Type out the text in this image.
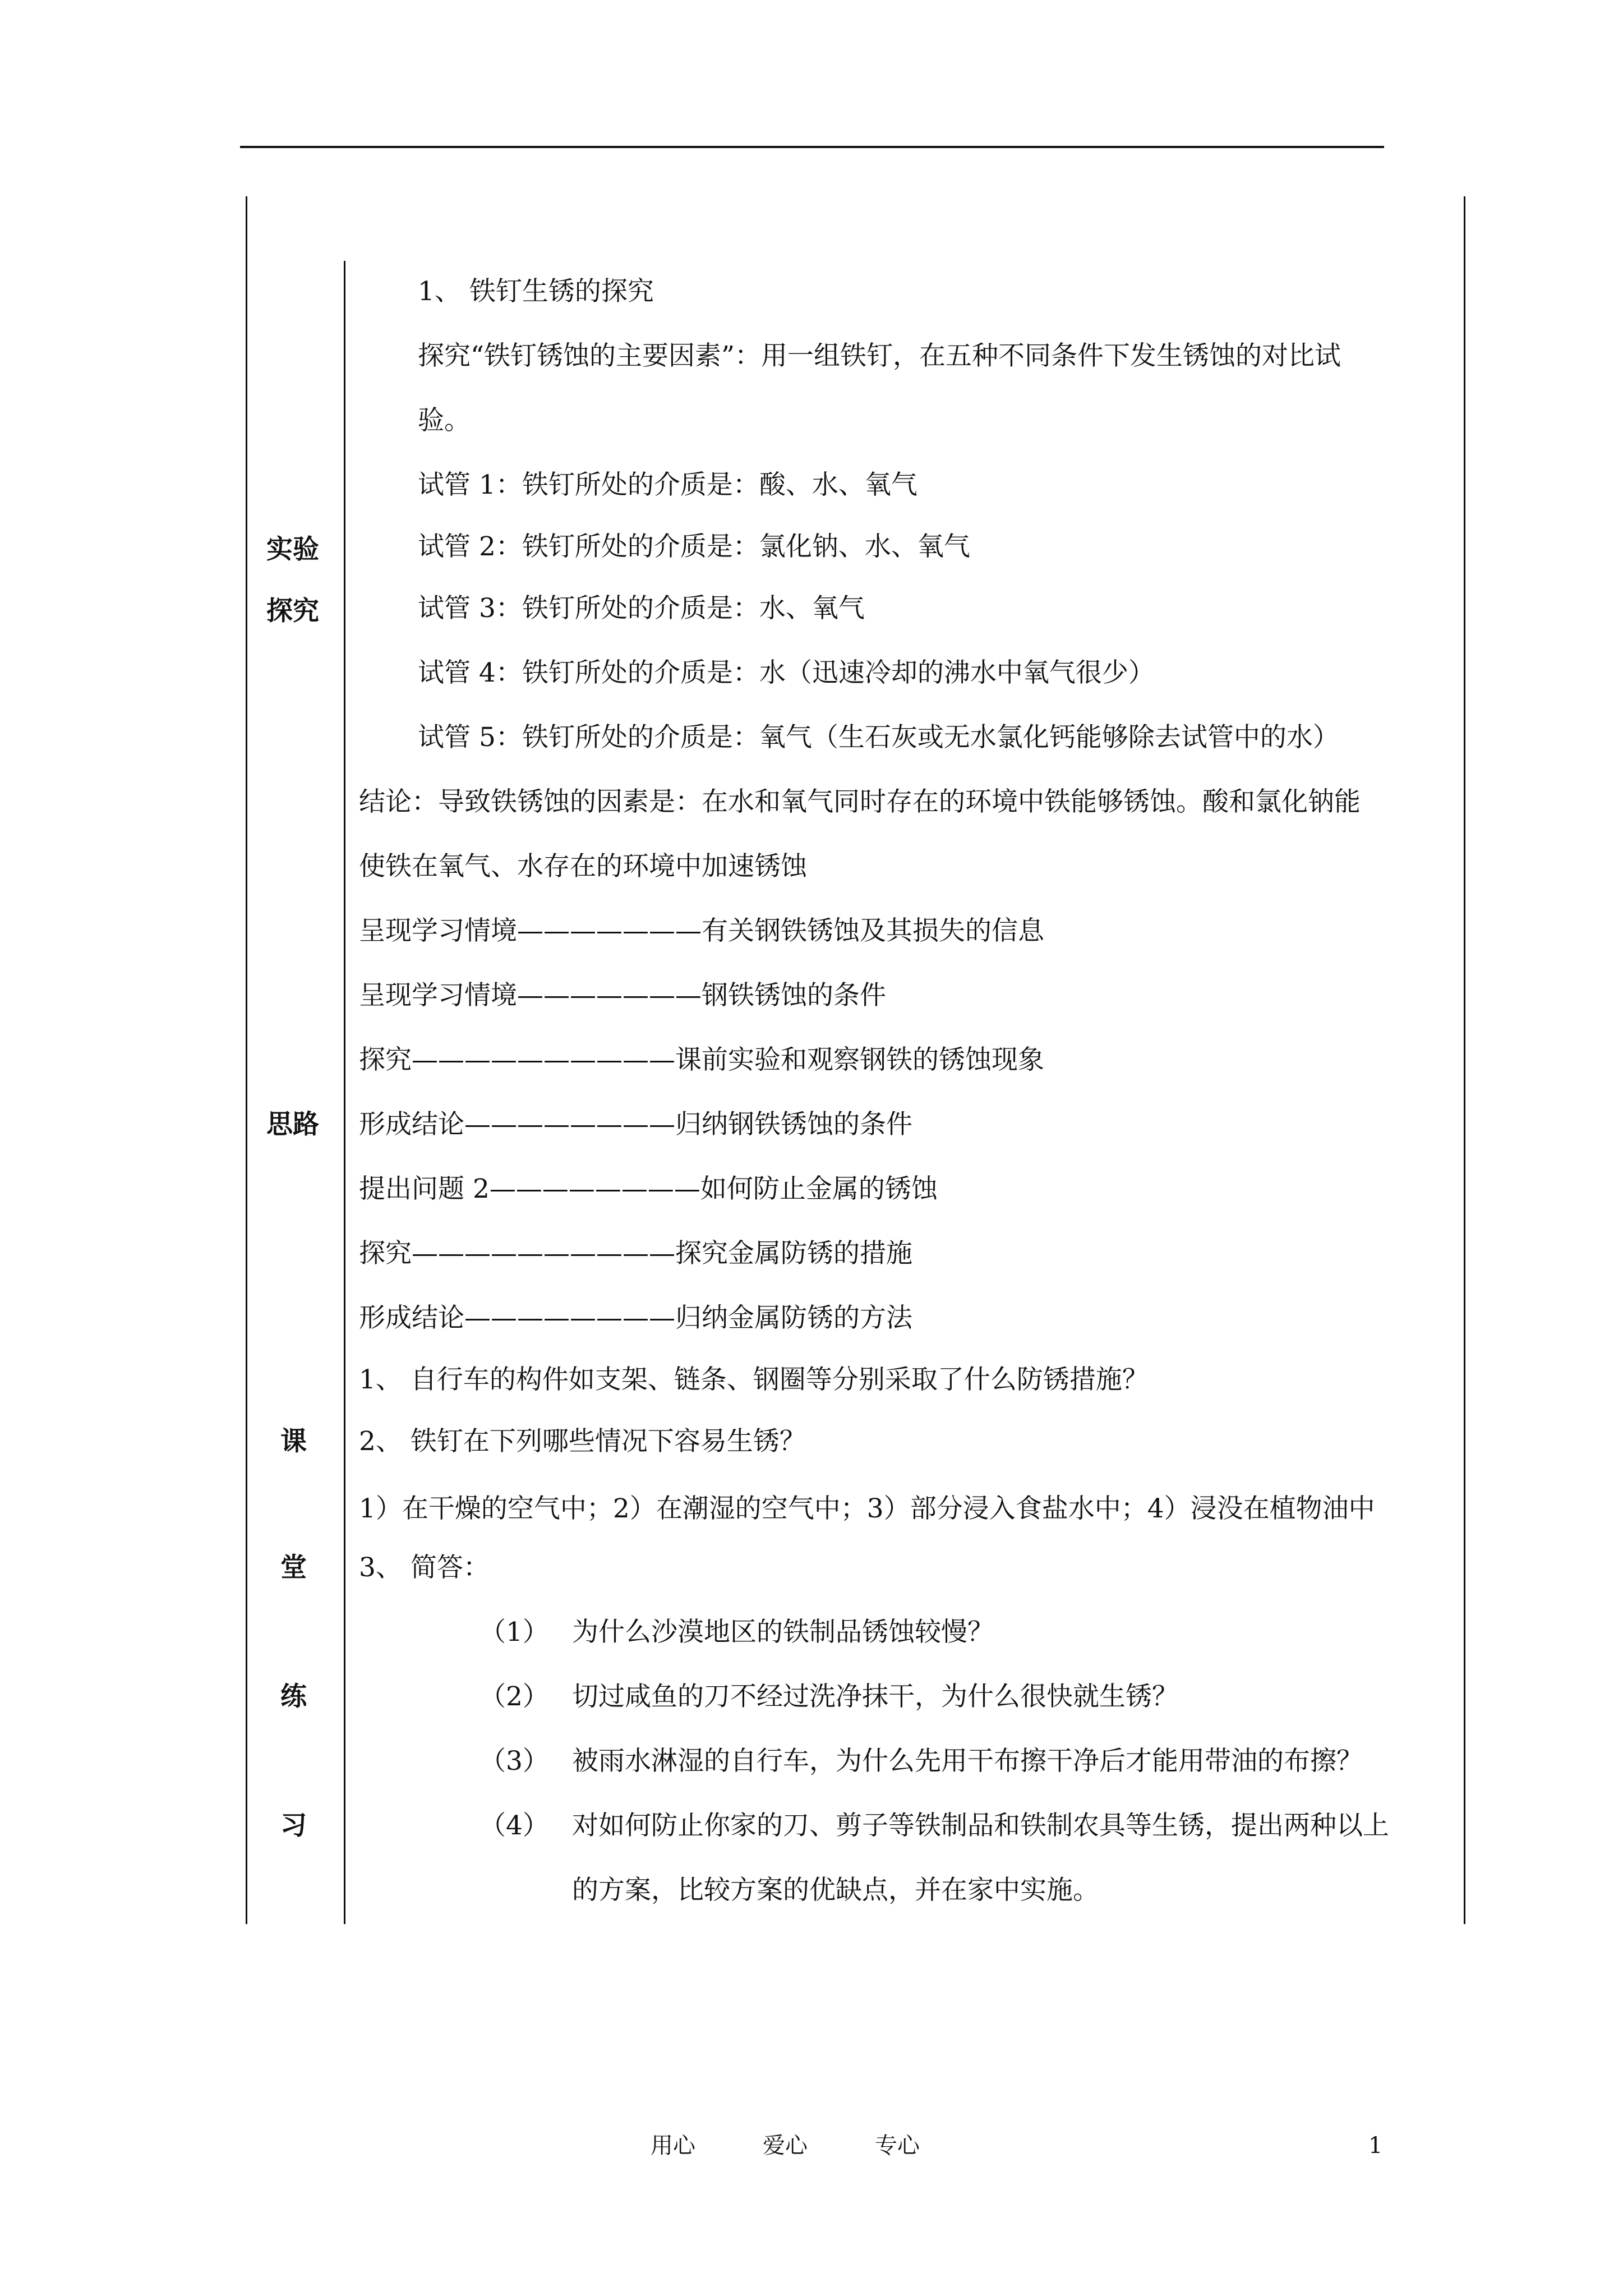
实验
探究
思路
课
堂
练
习
1、 铁钉生锈的探究
探究“铁钉锈蚀的主要因素”：用一组铁钉，在五种不同条件下发生锈蚀的对比试
验。
试管 1：铁钉所处的介质是：酸、水、氧气
试管 2：铁钉所处的介质是：氯化钠、水、氧气
试管 3：铁钉所处的介质是：水、氧气
试管 4：铁钉所处的介质是：水（迅速冷却的沸水中氧气很少）
试管 5：铁钉所处的介质是：氧气（生石灰或无水氯化钙能够除去试管中的水）
结论：导致铁锈蚀的因素是：在水和氧气同时存在的环境中铁能够锈蚀。酸和氯化钠能
使铁在氧气、水存在的环境中加速锈蚀
呈现学习情境———————有关钢铁锈蚀及其损失的信息
呈现学习情境———————钢铁锈蚀的条件
探究——————————课前实验和观察钢铁的锈蚀现象
形成结论————————归纳钢铁锈蚀的条件
提出问题 2————————如何防止金属的锈蚀
探究——————————探究金属防锈的措施
形成结论————————归纳金属防锈的方法
1、 自行车的构件如支架、链条、钢圈等分别采取了什么防锈措施？
2、 铁钉在下列哪些情况下容易生锈？
1）在干燥的空气中；2）在潮湿的空气中；3）部分浸入食盐水中；4）浸没在植物油中
3、 简答：
（1） 为什么沙漠地区的铁制品锈蚀较慢？
（2） 切过咸鱼的刀不经过洗净抹干，为什么很快就生锈？
（3） 被雨水淋湿的自行车，为什么先用干布擦干净后才能用带油的布擦？
（4） 对如何防止你家的刀、剪子等铁制品和铁制农具等生锈，提出两种以上
的方案，比较方案的优缺点，并在家中实施。
用心	爱心	专心	1
